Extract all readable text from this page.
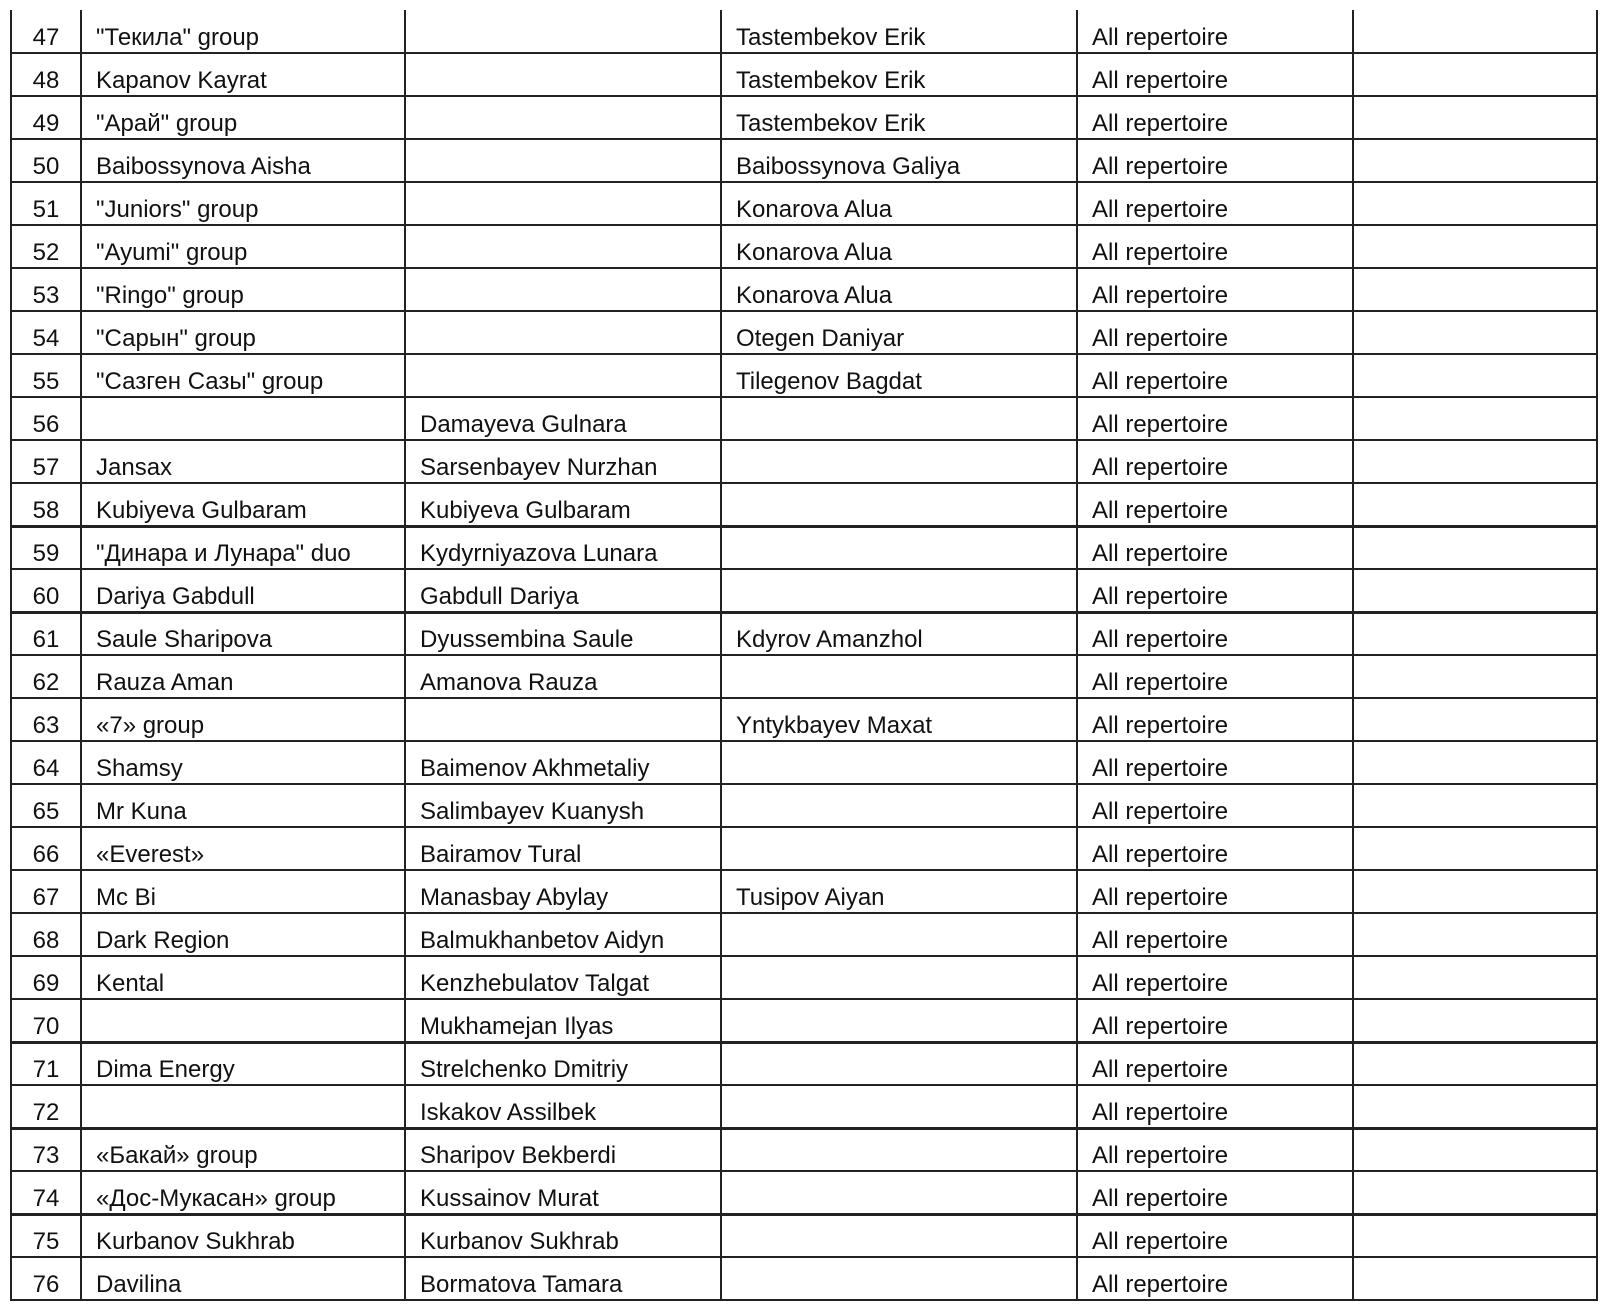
47	"Текила" group		Tastembekov Erik	All repertoire	
48	Kapanov Kayrat		Tastembekov Erik	All repertoire	
49	"Арай" group		Tastembekov Erik	All repertoire	
50	Baibossynova Aisha		Baibossynova Galiya	All repertoire	
51	"Juniors" group		Konarova Alua	All repertoire	
52	"Ayumi" group		Konarova Alua	All repertoire	
53	"Ringo" group		Konarova Alua	All repertoire	
54	"Сарын" group		Otegen Daniyar	All repertoire	
55	"Сазген Сазы" group		Tilegenov Bagdat	All repertoire	
56		Damayeva Gulnara		All repertoire	
57	Jansax	Sarsenbayev Nurzhan		All repertoire	
58	Kubiyeva Gulbaram	Kubiyeva Gulbaram		All repertoire	
59	"Динара и Лунара" duo	Kydyrniyazova Lunara		All repertoire	
60	Dariya Gabdull	Gabdull Dariya		All repertoire	
61	Saule Sharipova	Dyussembina Saule	Kdyrov Amanzhol	All repertoire	
62	Rauza Aman	Amanova Rauza		All repertoire	
63	«7» group		Yntykbayev Maxat	All repertoire	
64	Shamsy	Baimenov Akhmetaliy		All repertoire	
65	Mr Kuna	Salimbayev Kuanysh		All repertoire	
66	«Everest»	Bairamov Tural		All repertoire	
67	Mc Bi	Manasbay Abylay	Tusipov Aiyan	All repertoire	
68	Dark Region	Balmukhanbetov Aidyn		All repertoire	
69	Kental	Kenzhebulatov Talgat		All repertoire	
70		Mukhamejan Ilyas		All repertoire	
71	Dima Energy	Strelchenko Dmitriy		All repertoire	
72		Iskakov Assilbek		All repertoire	
73	«Бакай» group	Sharipov Bekberdi		All repertoire	
74	«Дос-Мукасан» group	Kussainov Murat		All repertoire	
75	Kurbanov Sukhrab	Kurbanov Sukhrab		All repertoire	
76	Davilina	Bormatova Tamara		All repertoire	
